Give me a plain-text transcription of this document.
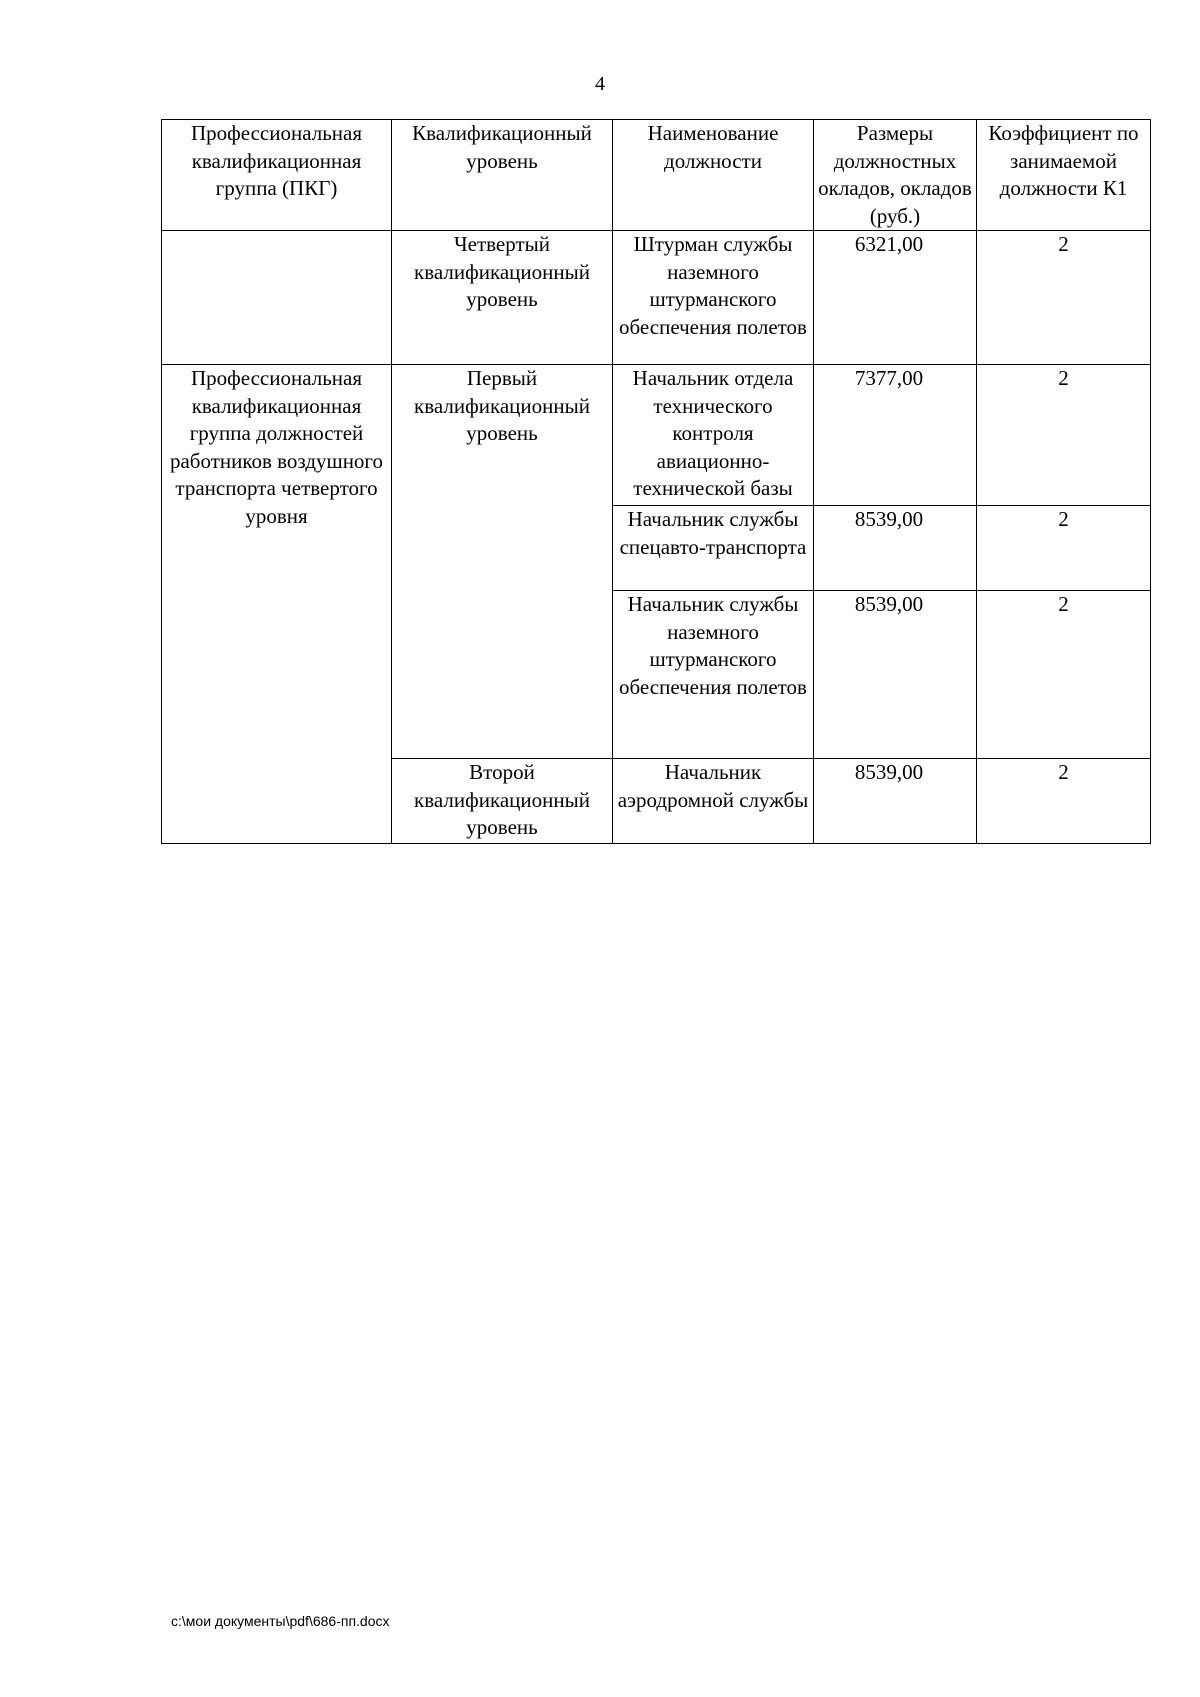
4
Профессиональная квалификационная группа (ПКГ)	Квалификационный уровень	Наименование должности	Размеры должностных окладов, окладов (руб.)	Коэффициент по занимаемой должности К1
	Четвертый квалификационный уровень	Штурман службы наземного штурманского обеспечения полетов	6321,00	2
Профессиональная квалификационная группа должностей работников воздушного транспорта четвертого уровня	Первый квалификационный уровень	Начальник отдела технического контроля авиационно-технической базы	7377,00	2
		Начальник службы спецавто-транспорта	8539,00	2
		Начальник службы наземного штурманского обеспечения полетов	8539,00	2
	Второй квалификационный уровень	Начальник аэродромной службы	8539,00	2
c:\мои документы\pdf\686-пп.docx
